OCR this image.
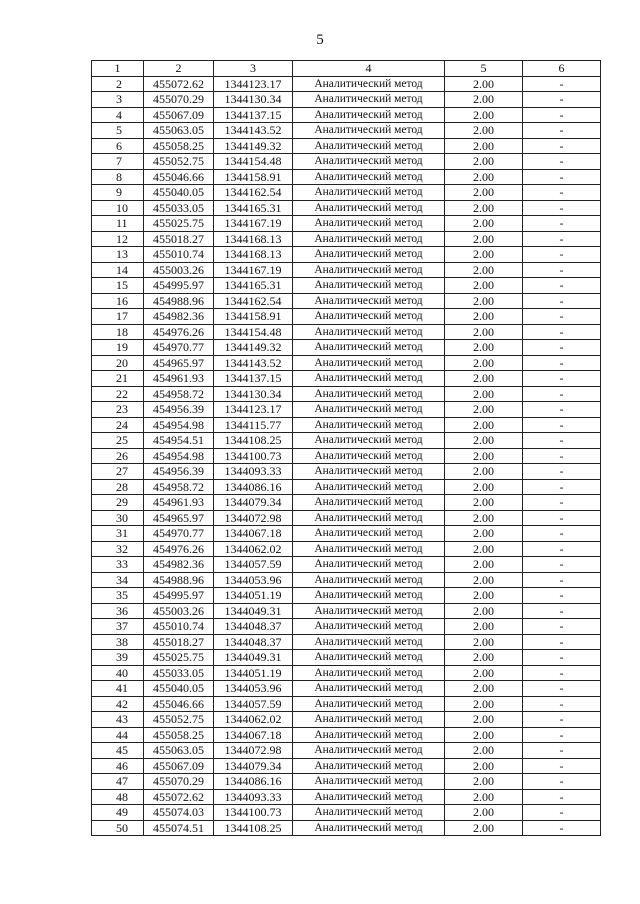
5
1	2	3	4	5	6
2	455072.62	1344123.17	Аналитический метод	2.00	-
3	455070.29	1344130.34	Аналитический метод	2.00	-
4	455067.09	1344137.15	Аналитический метод	2.00	-
5	455063.05	1344143.52	Аналитический метод	2.00	-
6	455058.25	1344149.32	Аналитический метод	2.00	-
7	455052.75	1344154.48	Аналитический метод	2.00	-
8	455046.66	1344158.91	Аналитический метод	2.00	-
9	455040.05	1344162.54	Аналитический метод	2.00	-
10	455033.05	1344165.31	Аналитический метод	2.00	-
11	455025.75	1344167.19	Аналитический метод	2.00	-
12	455018.27	1344168.13	Аналитический метод	2.00	-
13	455010.74	1344168.13	Аналитический метод	2.00	-
14	455003.26	1344167.19	Аналитический метод	2.00	-
15	454995.97	1344165.31	Аналитический метод	2.00	-
16	454988.96	1344162.54	Аналитический метод	2.00	-
17	454982.36	1344158.91	Аналитический метод	2.00	-
18	454976.26	1344154.48	Аналитический метод	2.00	-
19	454970.77	1344149.32	Аналитический метод	2.00	-
20	454965.97	1344143.52	Аналитический метод	2.00	-
21	454961.93	1344137.15	Аналитический метод	2.00	-
22	454958.72	1344130.34	Аналитический метод	2.00	-
23	454956.39	1344123.17	Аналитический метод	2.00	-
24	454954.98	1344115.77	Аналитический метод	2.00	-
25	454954.51	1344108.25	Аналитический метод	2.00	-
26	454954.98	1344100.73	Аналитический метод	2.00	-
27	454956.39	1344093.33	Аналитический метод	2.00	-
28	454958.72	1344086.16	Аналитический метод	2.00	-
29	454961.93	1344079.34	Аналитический метод	2.00	-
30	454965.97	1344072.98	Аналитический метод	2.00	-
31	454970.77	1344067.18	Аналитический метод	2.00	-
32	454976.26	1344062.02	Аналитический метод	2.00	-
33	454982.36	1344057.59	Аналитический метод	2.00	-
34	454988.96	1344053.96	Аналитический метод	2.00	-
35	454995.97	1344051.19	Аналитический метод	2.00	-
36	455003.26	1344049.31	Аналитический метод	2.00	-
37	455010.74	1344048.37	Аналитический метод	2.00	-
38	455018.27	1344048.37	Аналитический метод	2.00	-
39	455025.75	1344049.31	Аналитический метод	2.00	-
40	455033.05	1344051.19	Аналитический метод	2.00	-
41	455040.05	1344053.96	Аналитический метод	2.00	-
42	455046.66	1344057.59	Аналитический метод	2.00	-
43	455052.75	1344062.02	Аналитический метод	2.00	-
44	455058.25	1344067.18	Аналитический метод	2.00	-
45	455063.05	1344072.98	Аналитический метод	2.00	-
46	455067.09	1344079.34	Аналитический метод	2.00	-
47	455070.29	1344086.16	Аналитический метод	2.00	-
48	455072.62	1344093.33	Аналитический метод	2.00	-
49	455074.03	1344100.73	Аналитический метод	2.00	-
50	455074.51	1344108.25	Аналитический метод	2.00	-
